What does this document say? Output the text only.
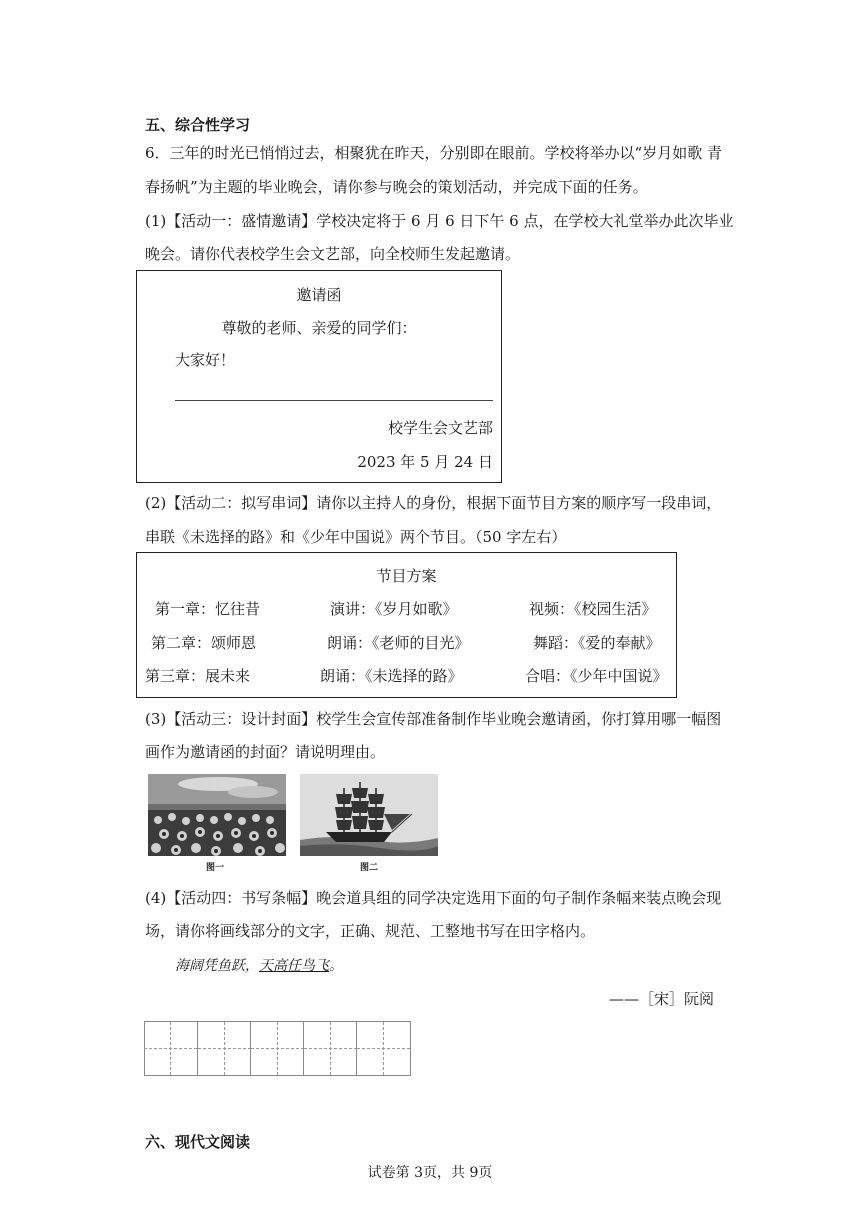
五、综合性学习
6．三年的时光已悄悄过去，相聚犹在昨天，分别即在眼前。学校将举办以“岁月如歌 青
春扬帆”为主题的毕业晚会，请你参与晚会的策划活动，并完成下面的任务。
(1)【活动一：盛情邀请】学校决定将于 6 月 6 日下午 6 点，在学校大礼堂举办此次毕业
晚会。请你代表校学生会文艺部，向全校师生发起邀请。
邀请函
尊敬的老师、亲爱的同学们：
大家好！
校学生会文艺部
2023 年 5 月 24 日
(2)【活动二：拟写串词】请你以主持人的身份，根据下面节目方案的顺序写一段串词，
串联《未选择的路》和《少年中国说》两个节目。（50 字左右）
节目方案
第一章：忆往昔	演讲：《岁月如歌》	视频：《校园生活》
第二章：颂师恩	朗诵：《老师的目光》	舞蹈：《爱的奉献》
第三章：展未来	朗诵：《未选择的路》	合唱：《少年中国说》
(3)【活动三：设计封面】校学生会宣传部准备制作毕业晚会邀请函，你打算用哪一幅图
画作为邀请函的封面？请说明理由。
图一	图二
(4)【活动四：书写条幅】晚会道具组的同学决定选用下面的句子制作条幅来装点晚会现
场，请你将画线部分的文字，正确、规范、工整地书写在田字格内。
海阔凭鱼跃，天高任鸟飞。
——［宋］阮阅
六、现代文阅读
试卷第 3页，共 9页
